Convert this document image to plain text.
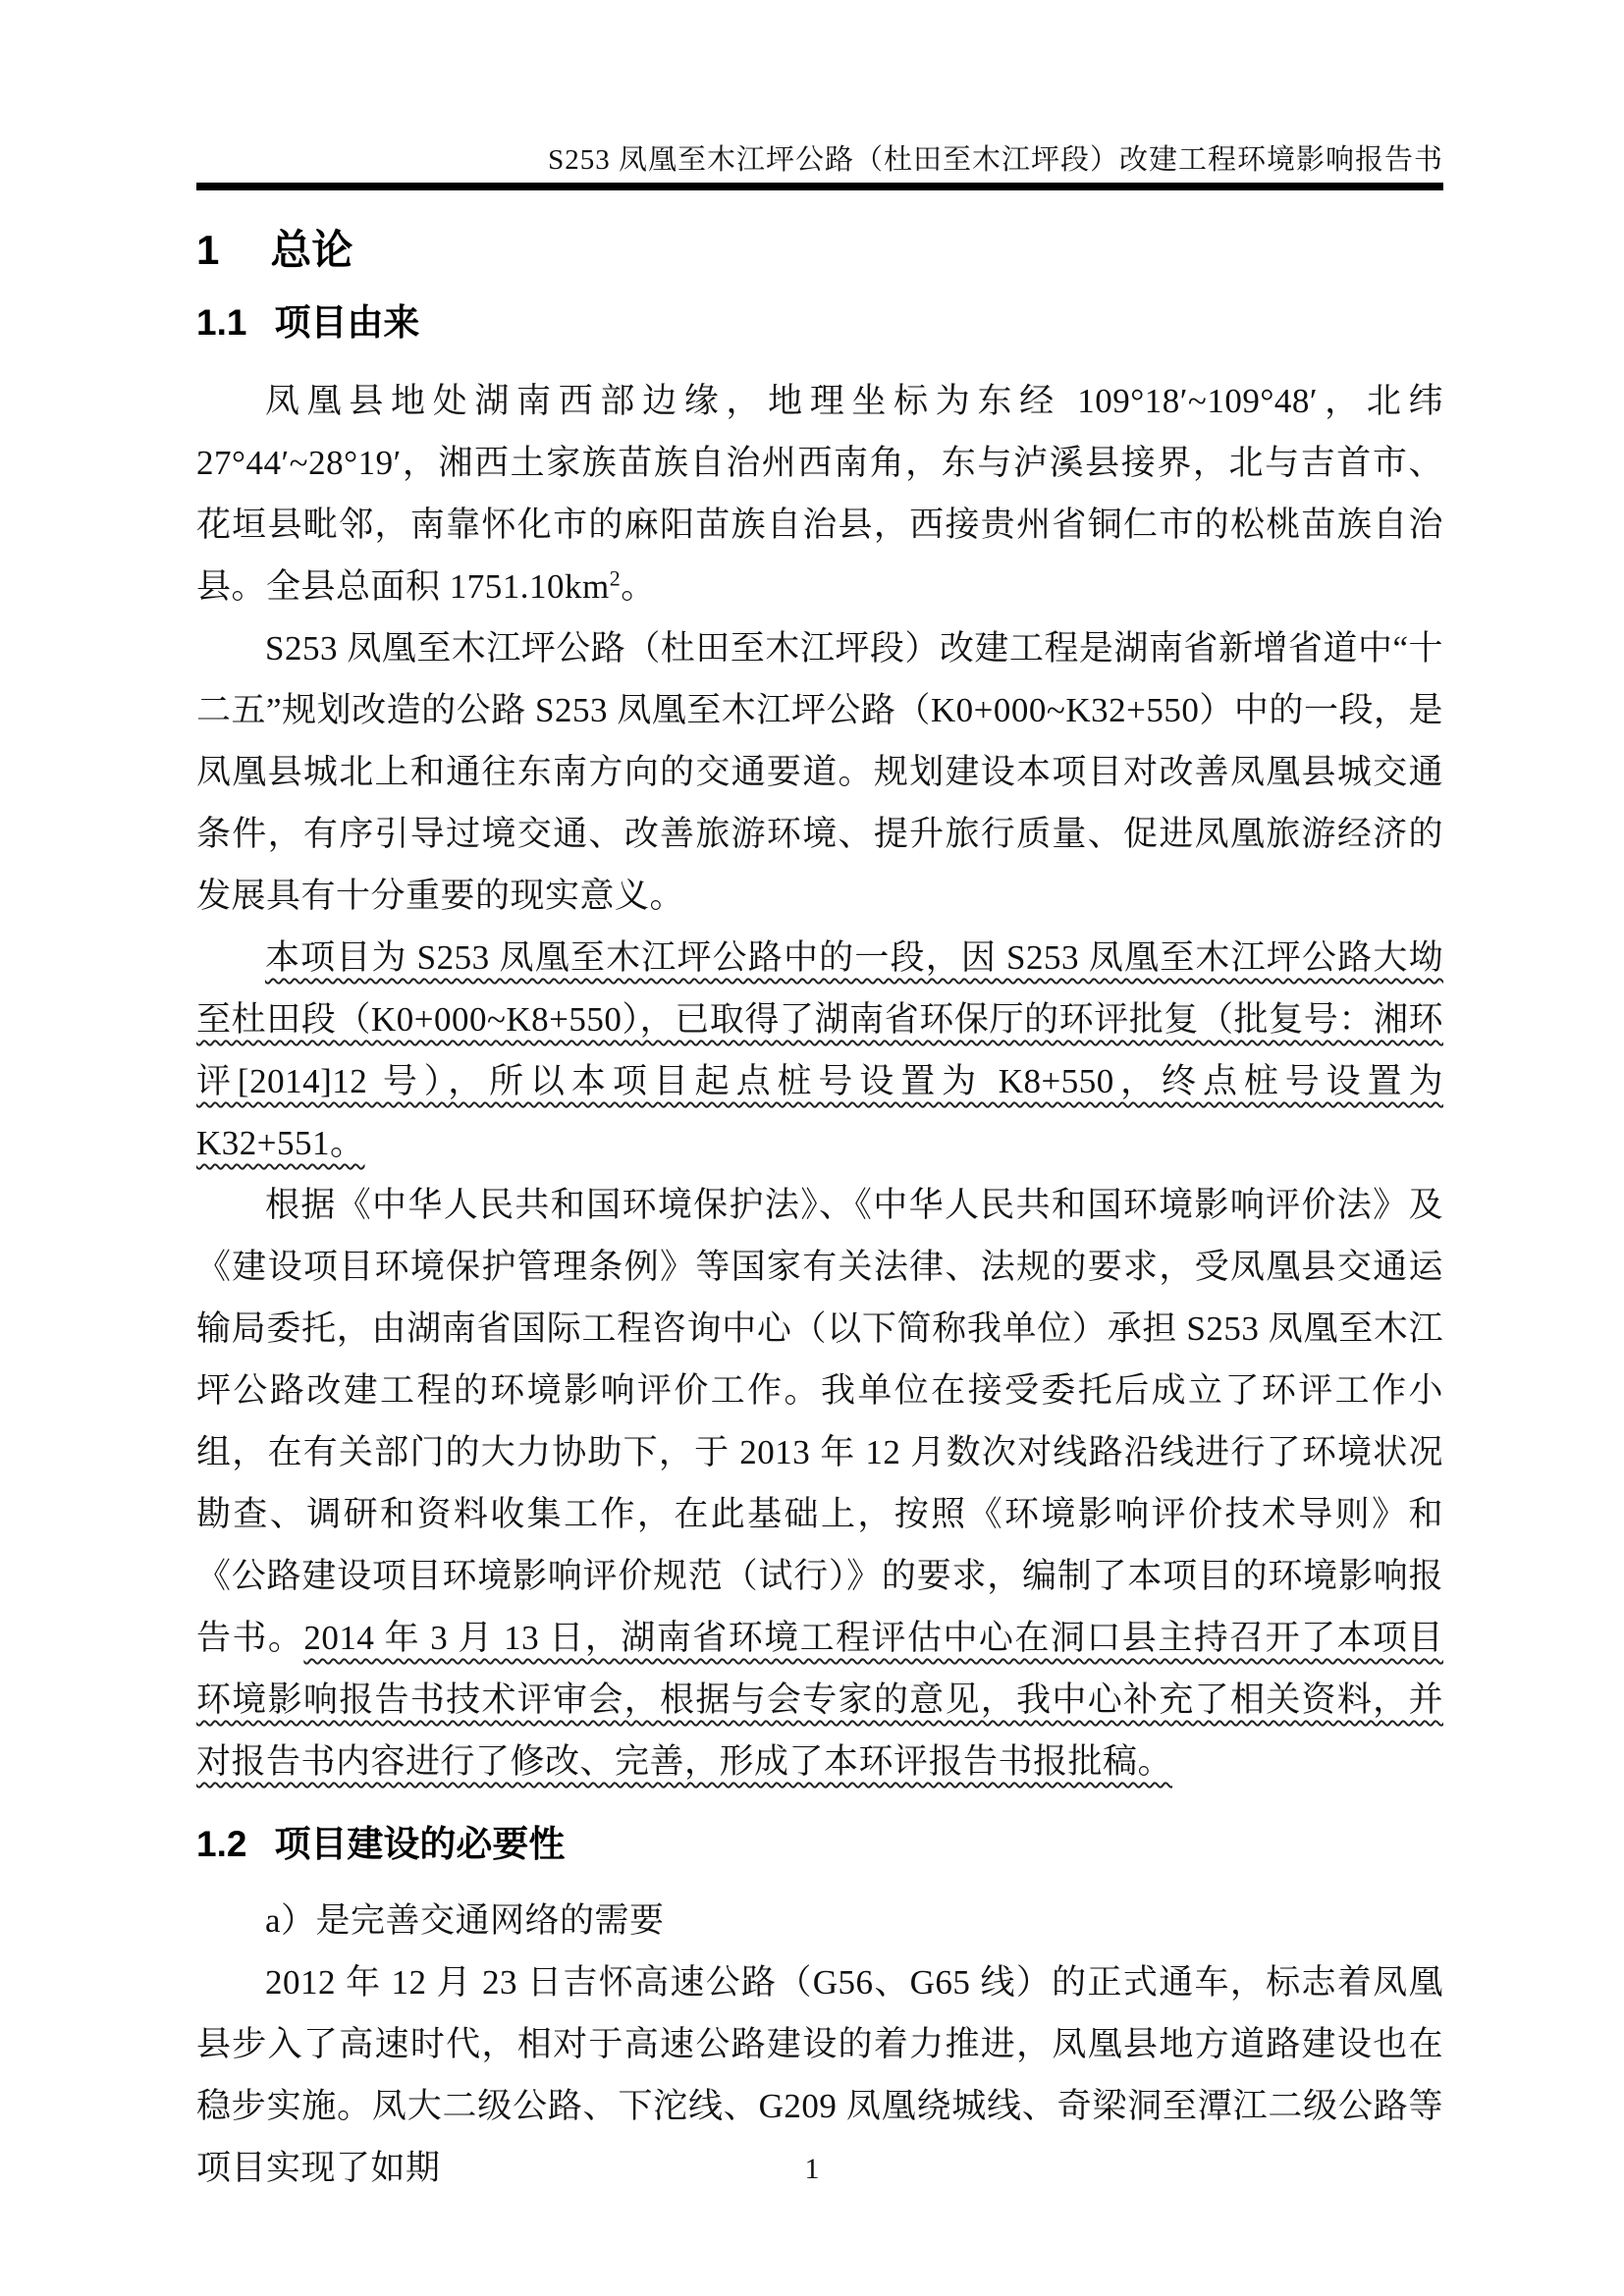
S253 凤凰至木江坪公路（杜田至木江坪段）改建工程环境影响报告书
1 总论
1.1 项目由来

凤凰县地处湖南西部边缘，地理坐标为东经 109°18′~109°48′，北纬 27°44′~28°19′，湘西土家族苗族自治州西南角，东与泸溪县接界，北与吉首市、花垣县毗邻，南靠怀化市的麻阳苗族自治县，西接贵州省铜仁市的松桃苗族自治县。全县总面积 $1751.10km^2$。

S253 凤凰至木江坪公路（杜田至木江坪段）改建工程是湖南省新增省道中“十二五”规划改造的公路 S253 凤凰至木江坪公路（K0+000~K32+550）中的一段，是凤凰县城北上和通往东南方向的交通要道。规划建设本项目对改善凤凰县城交通条件，有序引导过境交通、改善旅游环境、提升旅行质量、促进凤凰旅游经济的发展具有十分重要的现实意义。

本项目为 S253 凤凰至木江坪公路中的一段，因 S253 凤凰至木江坪公路大坳至杜田段（K0+000~K8+550），已取得了湖南省环保厅的环评批复（批复号：湘环评[2014]12 号），所以本项目起点桩号设置为 K8+550，终点桩号设置为 K32+551。

根据《中华人民共和国环境保护法》、《中华人民共和国环境影响评价法》及《建设项目环境保护管理条例》等国家有关法律、法规的要求，受凤凰县交通运输局委托，由湖南省国际工程咨询中心（以下简称我单位）承担 S253 凤凰至木江坪公路改建工程的环境影响评价工作。我单位在接受委托后成立了环评工作小组，在有关部门的大力协助下，于 2013 年 12 月数次对线路沿线进行了环境状况勘查、调研和资料收集工作，在此基础上，按照《环境影响评价技术导则》和《公路建设项目环境影响评价规范（试行）》的要求，编制了本项目的环境影响报告书。2014 年 3 月 13 日，湖南省环境工程评估中心在洞口县主持召开了本项目环境影响报告书技术评审会，根据与会专家的意见，我中心补充了相关资料，并对报告书内容进行了修改、完善，形成了本环评报告书报批稿。

1.2 项目建设的必要性

a）是完善交通网络的需要

2012 年 12 月 23 日吉怀高速公路（G56、G65 线）的正式通车，标志着凤凰县步入了高速时代，相对于高速公路建设的着力推进，凤凰县地方道路建设也在稳步实施。凤大二级公路、下沱线、G209 凤凰绕城线、奇梁洞至潭江二级公路等项目实现了如期	1
